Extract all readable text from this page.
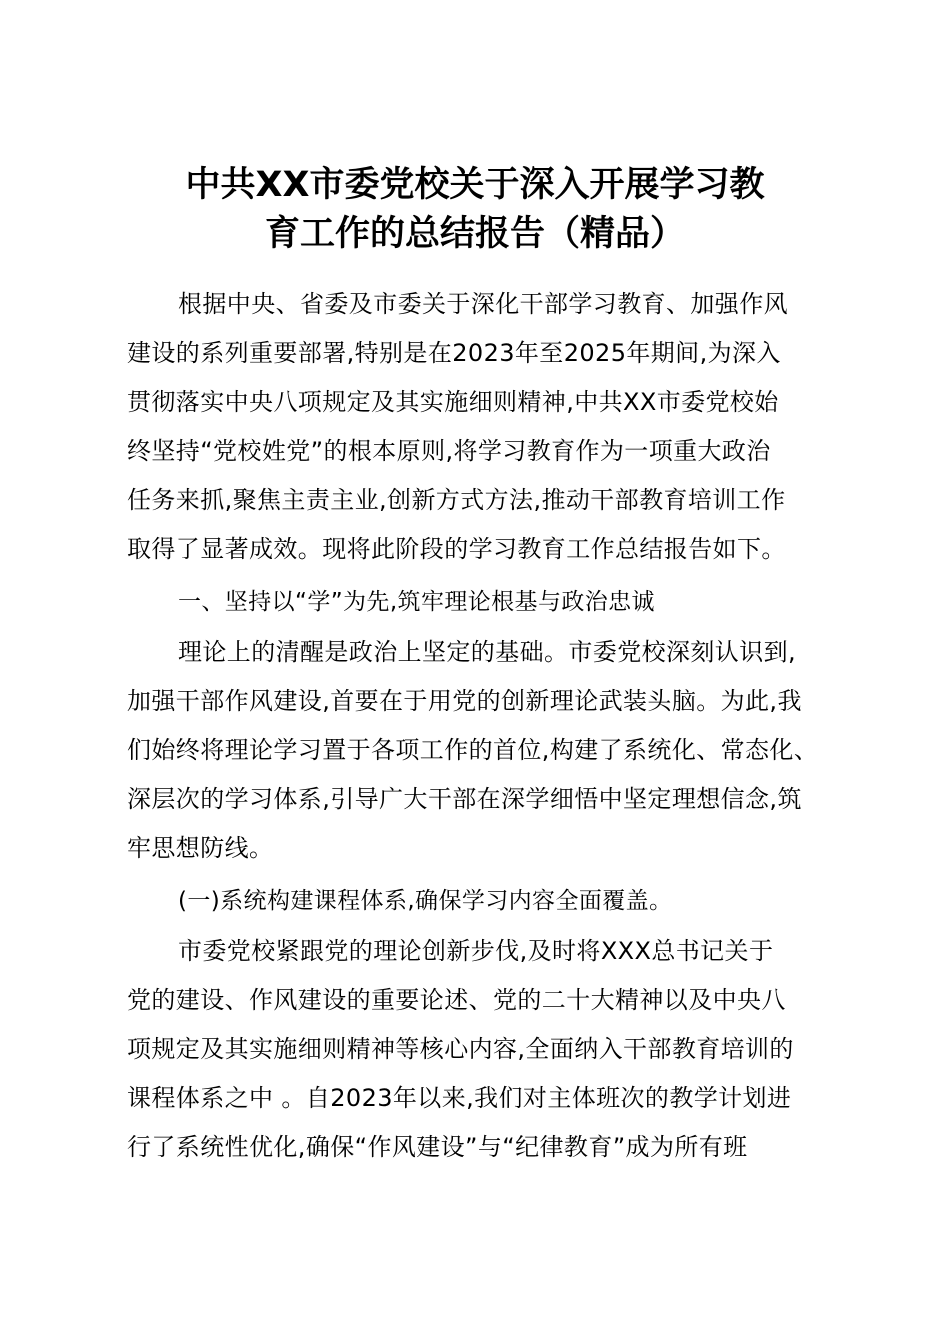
中共XX市委党校关于深入开展学习教
育工作的总结报告（精品）
根据中央、省委及市委关于深化干部学习教育、加强作风
建设的系列重要部署,特别是在2023年至2025年期间,为深入
贯彻落实中央八项规定及其实施细则精神,中共XX市委党校始
终坚持“党校姓党”的根本原则,将学习教育作为一项重大政治
任务来抓,聚焦主责主业,创新方式方法,推动干部教育培训工作
取得了显著成效。现将此阶段的学习教育工作总结报告如下。
一、坚持以“学”为先,筑牢理论根基与政治忠诚
理论上的清醒是政治上坚定的基础。市委党校深刻认识到,
加强干部作风建设,首要在于用党的创新理论武装头脑。为此,我
们始终将理论学习置于各项工作的首位,构建了系统化、常态化、
深层次的学习体系,引导广大干部在深学细悟中坚定理想信念,筑
牢思想防线。
(一)系统构建课程体系,确保学习内容全面覆盖。
市委党校紧跟党的理论创新步伐,及时将XXX总书记关于
党的建设、作风建设的重要论述、党的二十大精神以及中央八
项规定及其实施细则精神等核心内容,全面纳入干部教育培训的
课程体系之中 。自2023年以来,我们对主体班次的教学计划进
行了系统性优化,确保“作风建设”与“纪律教育”成为所有班
